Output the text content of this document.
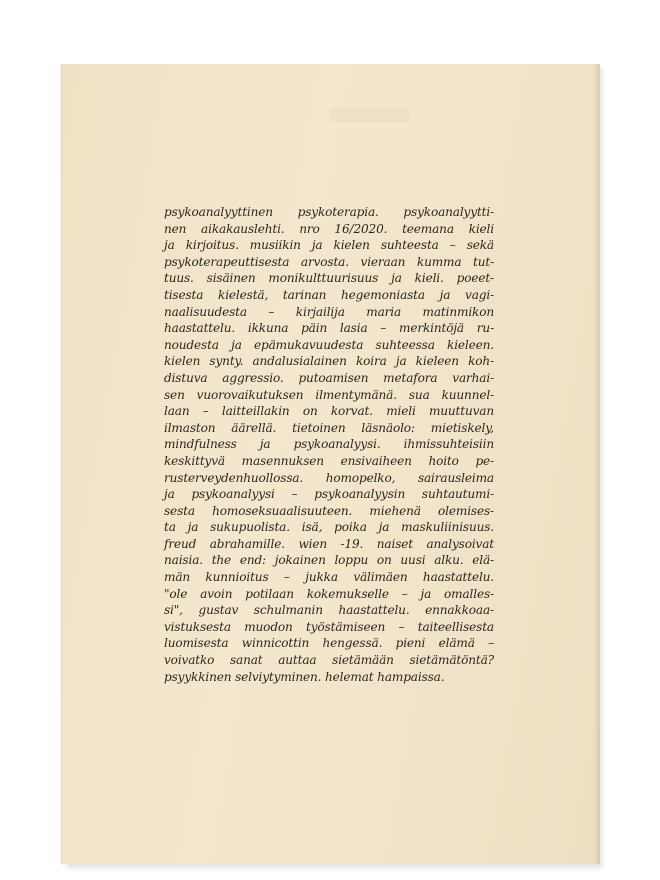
psykoanalyyttinen psykoterapia. psykoanalyytti-
nen aikakauslehti. nro 16/2020. teemana kieli
ja kirjoitus. musiikin ja kielen suhteesta – sekä
psykoterapeuttisesta arvosta. vieraan kumma tut-
tuus. sisäinen monikulttuurisuus ja kieli. poeet-
tisesta kielestä, tarinan hegemoniasta ja vagi-
naalisuudesta – kirjailija maria matinmikon
haastattelu. ikkuna päin lasia – merkintöjä ru-
noudesta ja epämukavuudesta suhteessa kieleen.
kielen synty. andalusialainen koira ja kieleen koh-
distuva aggressio. putoamisen metafora varhai-
sen vuorovaikutuksen ilmentymänä. sua kuunnel-
laan – laitteillakin on korvat. mieli muuttuvan
ilmaston äärellä. tietoinen läsnäolo: mietiskely,
mindfulness ja psykoanalyysi. ihmissuhteisiin
keskittyvä masennuksen ensivaiheen hoito pe-
rusterveydenhuollossa. homopelko, sairausleima
ja psykoanalyysi – psykoanalyysin suhtautumi-
sesta homoseksuaalisuuteen. miehenä olemises-
ta ja sukupuolista. isä, poika ja maskuliinisuus.
freud abrahamille. wien -19. naiset analysoivat
naisia. the end: jokainen loppu on uusi alku. elä-
män kunnioitus – jukka välimäen haastattelu.
"ole avoin potilaan kokemukselle – ja omalles-
si", gustav schulmanin haastattelu. ennakkoaa-
vistuksesta muodon työstämiseen – taiteellisesta
luomisesta winnicottin hengessä. pieni elämä –
voivatko sanat auttaa sietämään sietämätöntä?
psyykkinen selviytyminen. helemat hampaissa.
